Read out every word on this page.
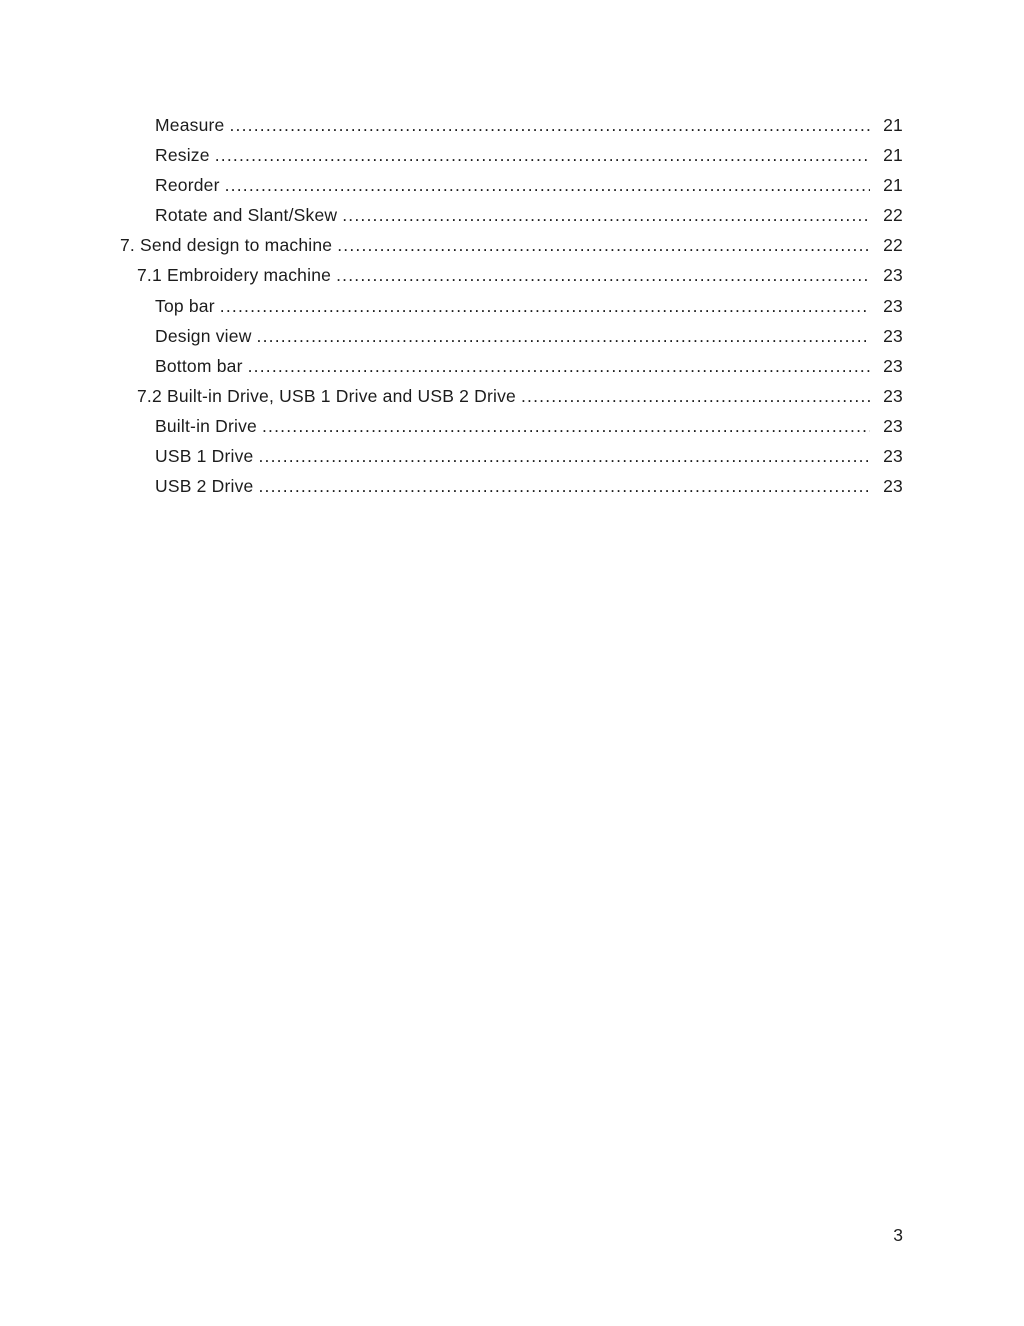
Measure .....	21
Resize .....	21
Reorder .....	21
Rotate and Slant/Skew .....	22
7. Send design to machine .....	22
7.1 Embroidery machine .....	23
Top bar .....	23
Design view .....	23
Bottom bar .....	23
7.2 Built-in Drive, USB 1 Drive and USB 2 Drive .....	23
Built-in Drive .....	23
USB 1 Drive .....	23
USB 2 Drive .....	23
3
